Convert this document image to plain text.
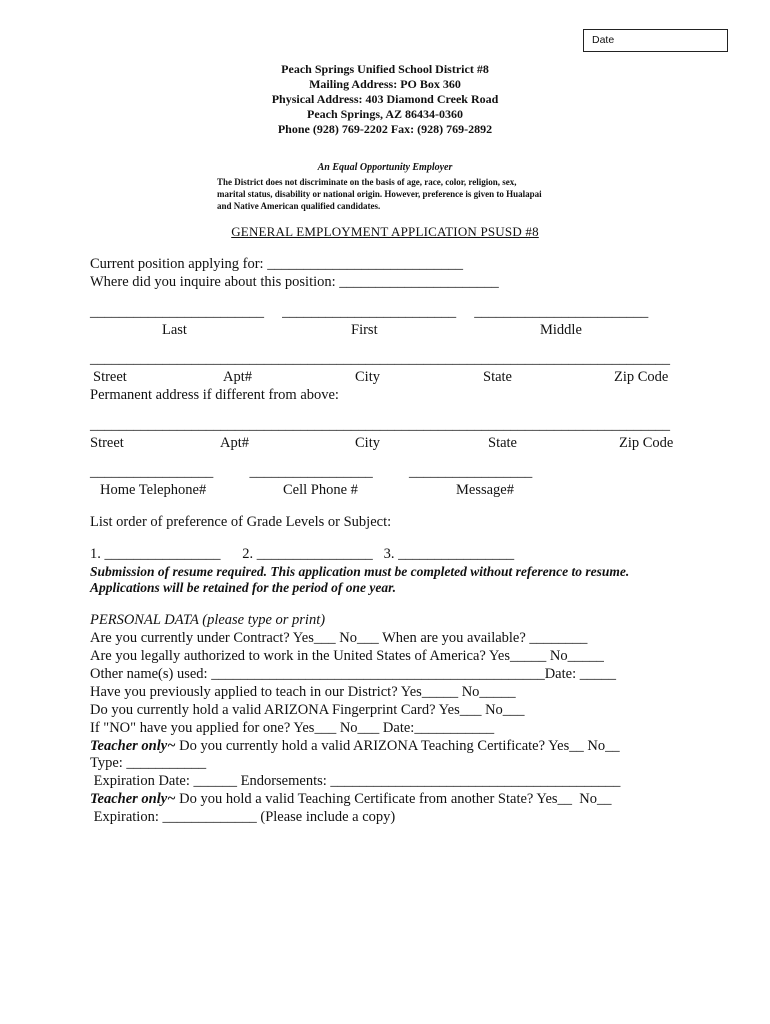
Date
Peach Springs Unified School District #8
Mailing Address: PO Box 360
Physical Address: 403 Diamond Creek Road
Peach Springs, AZ 86434-0360
Phone (928) 769-2202 Fax: (928) 769-2892
An Equal Opportunity Employer
The District does not discriminate on the basis of age, race, color, religion, sex,
marital status, disability or national origin. However, preference is given to Hualapai
and Native American qualified candidates.
GENERAL EMPLOYMENT APPLICATION PSUSD #8
Current position applying for: ___________________________
Where did you inquire about this position: ______________________
________________________     ________________________     ________________________
Last	First	Middle
________________________________________________________________________________
Street	Apt#	City	State	Zip Code
Permanent address if different from above:
________________________________________________________________________________
Street	Apt#	City	State	Zip Code
_________________          _________________          _________________
Home Telephone#	Cell Phone #	Message#
List order of preference of Grade Levels or Subject:
1. ________________      2. ________________   3. ________________
Submission of resume required. This application must be completed without reference to resume.
Applications will be retained for the period of one year.
PERSONAL DATA (please type or print)
Are you currently under Contract? Yes___ No___ When are you available? ________
Are you legally authorized to work in the United States of America? Yes_____ No_____
Other name(s) used: ______________________________________________Date: _____
Have you previously applied to teach in our District? Yes_____ No_____
Do you currently hold a valid ARIZONA Fingerprint Card? Yes___ No___
If "NO" have you applied for one? Yes___ No___ Date:___________
Teacher only~ Do you currently hold a valid ARIZONA Teaching Certificate? Yes__ No__
Type: ___________
Expiration Date: ______ Endorsements: ________________________________________
Teacher only~ Do you hold a valid Teaching Certificate from another State? Yes__  No__
Expiration: _____________ (Please include a copy)
